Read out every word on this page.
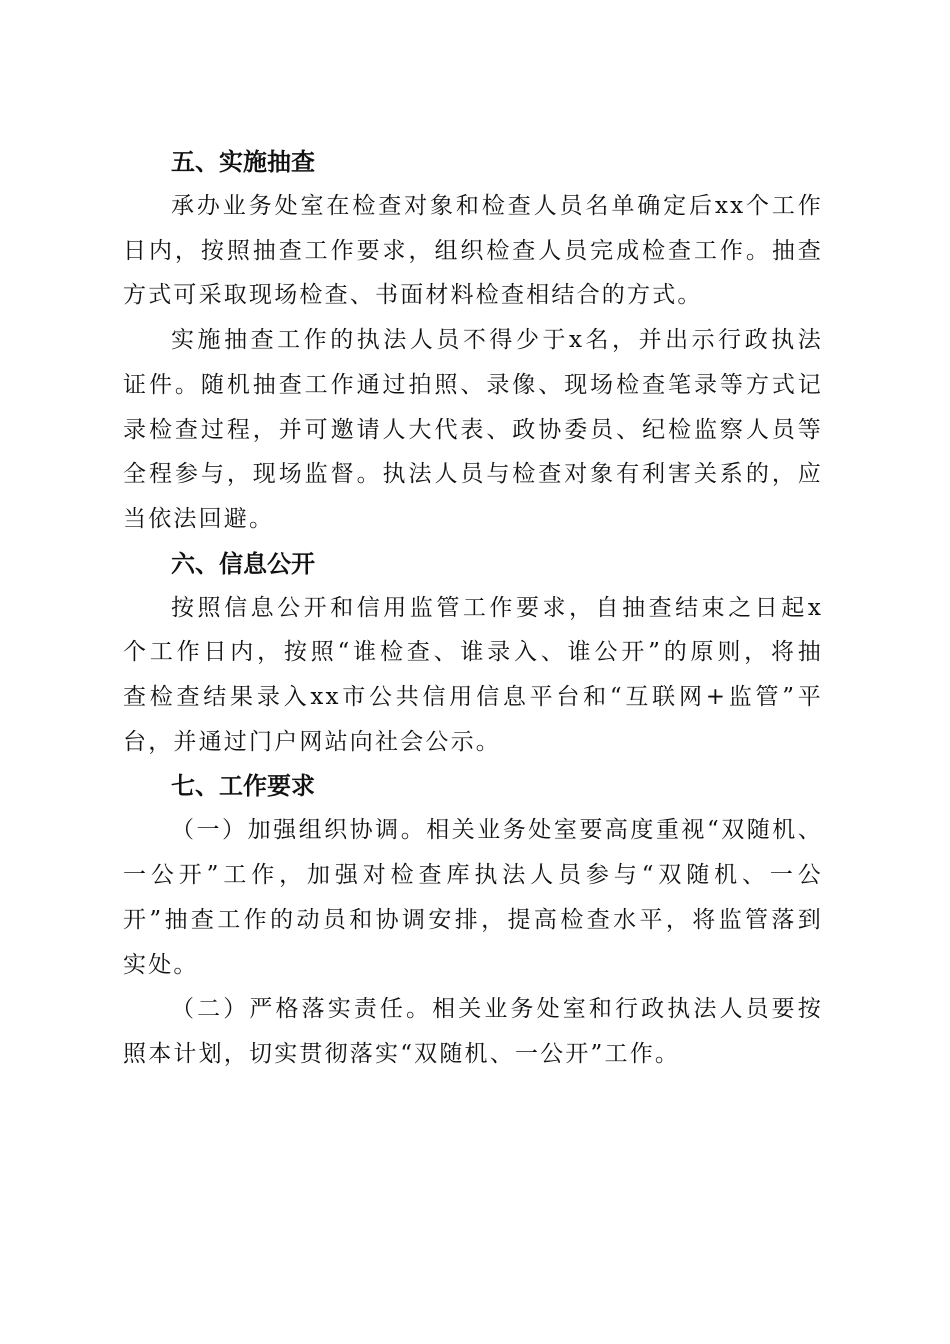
五、实施抽查

承办业务处室在检查对象和检查人员名单确定后xx个工作
日内，按照抽查工作要求，组织检查人员完成检查工作。抽查
方式可采取现场检查、书面材料检查相结合的方式。

实施抽查工作的执法人员不得少于x名，并出示行政执法
证件。随机抽查工作通过拍照、录像、现场检查笔录等方式记
录检查过程，并可邀请人大代表、政协委员、纪检监察人员等
全程参与，现场监督。执法人员与检查对象有利害关系的，应
当依法回避。

六、信息公开

按照信息公开和信用监管工作要求，自抽查结束之日起x
个工作日内，按照“谁检查、谁录入、谁公开”的原则，将抽
查检查结果录入xx市公共信用信息平台和“互联网+监管”平
台，并通过门户网站向社会公示。

七、工作要求

（一）加强组织协调。相关业务处室要高度重视“双随机、
一公开”工作，加强对检查库执法人员参与“双随机、一公
开”抽查工作的动员和协调安排，提高检查水平，将监管落到
实处。

（二）严格落实责任。相关业务处室和行政执法人员要按
照本计划，切实贯彻落实“双随机、一公开”工作。
